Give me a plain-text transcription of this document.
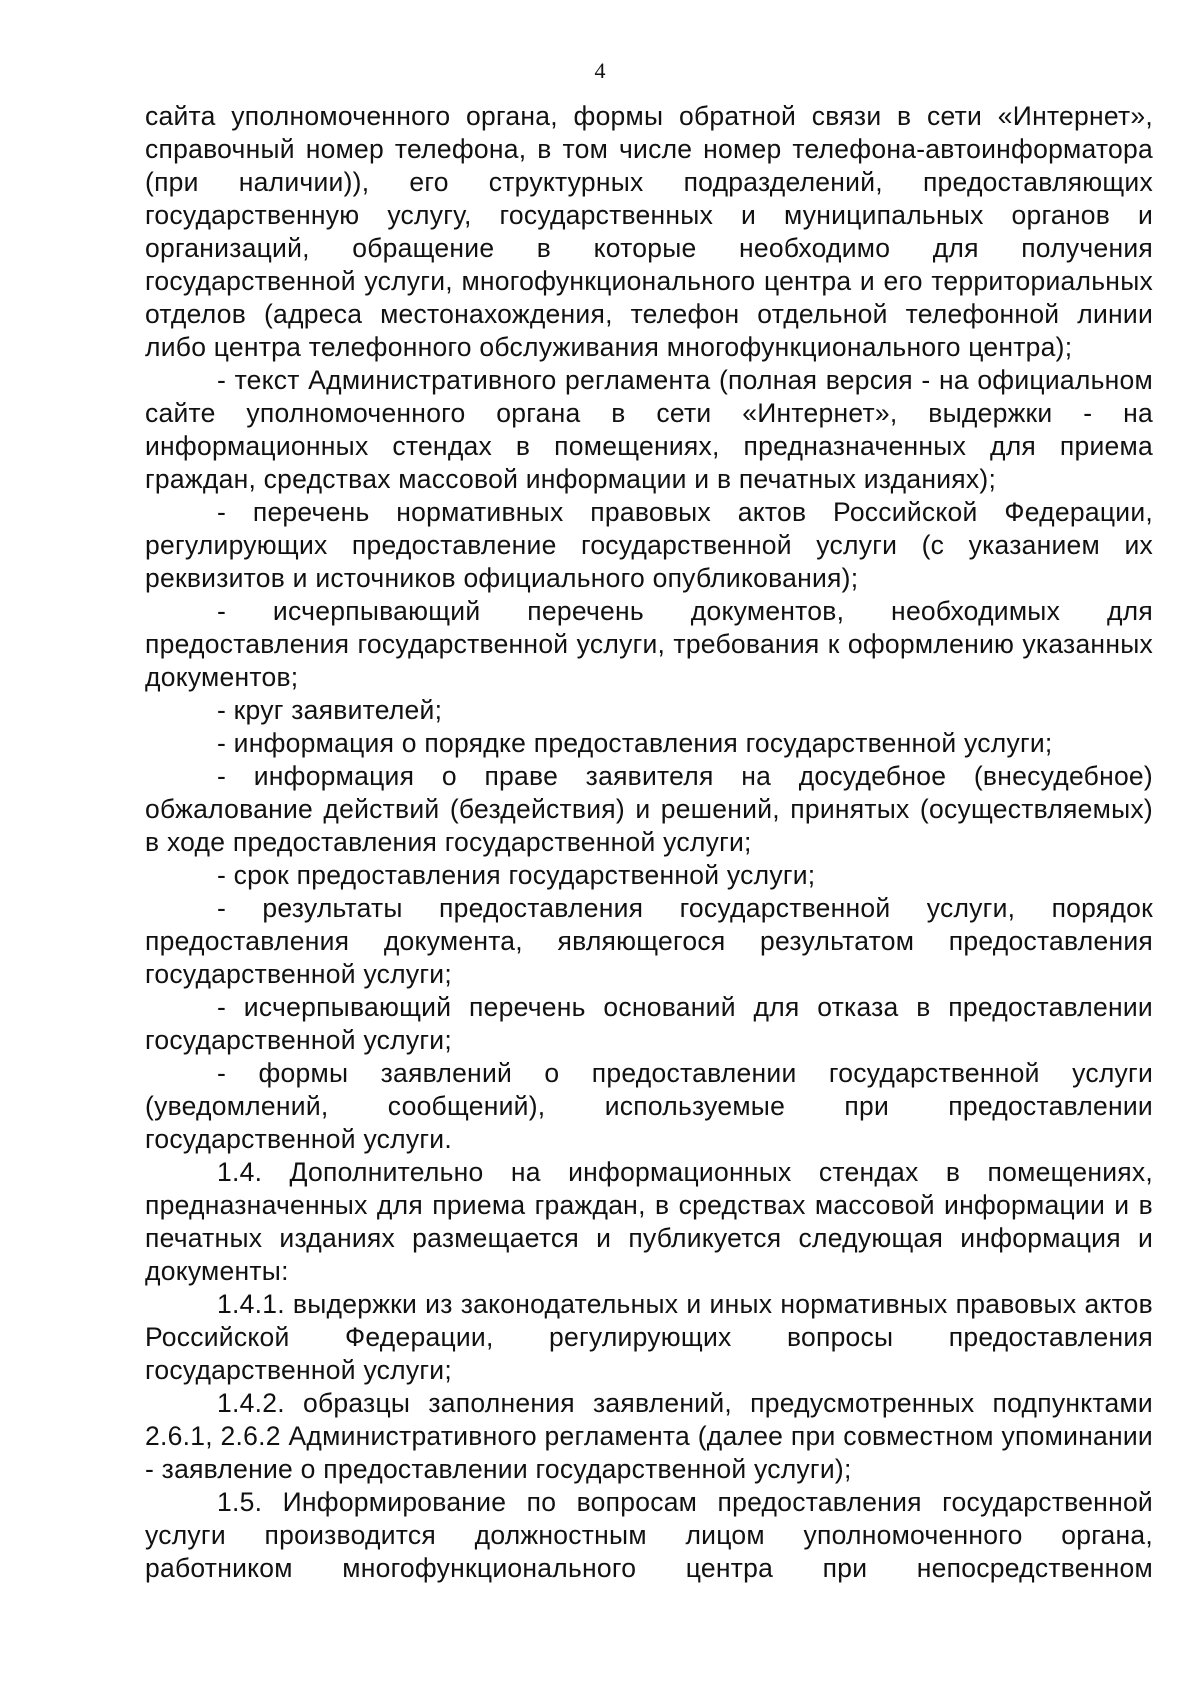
4

сайта уполномоченного органа, формы обратной связи в сети «Интернет», справочный номер телефона, в том числе номер телефона-автоинформатора (при наличии)), его структурных подразделений, предоставляющих государственную услугу, государственных и муниципальных органов и организаций, обращение в которые необходимо для получения государственной услуги, многофункционального центра и его территориальных отделов (адреса местонахождения, телефон отдельной телефонной линии либо центра телефонного обслуживания многофункционального центра);

- текст Административного регламента (полная версия - на официальном сайте уполномоченного органа в сети «Интернет», выдержки - на информационных стендах в помещениях, предназначенных для приема граждан, средствах массовой информации и в печатных изданиях);

- перечень нормативных правовых актов Российской Федерации, регулирующих предоставление государственной услуги (с указанием их реквизитов и источников официального опубликования);

- исчерпывающий перечень документов, необходимых для предоставления государственной услуги, требования к оформлению указанных документов;

- круг заявителей;

- информация о порядке предоставления государственной услуги;

- информация о праве заявителя на досудебное (внесудебное) обжалование действий (бездействия) и решений, принятых (осуществляемых) в ходе предоставления государственной услуги;

- срок предоставления государственной услуги;

- результаты предоставления государственной услуги, порядок предоставления документа, являющегося результатом предоставления государственной услуги;

- исчерпывающий перечень оснований для отказа в предоставлении государственной услуги;

- формы заявлений о предоставлении государственной услуги (уведомлений, сообщений), используемые при предоставлении государственной услуги.

1.4. Дополнительно на информационных стендах в помещениях, предназначенных для приема граждан, в средствах массовой информации и в печатных изданиях размещается и публикуется следующая информация и документы:

1.4.1. выдержки из законодательных и иных нормативных правовых актов Российской Федерации, регулирующих вопросы предоставления государственной услуги;

1.4.2. образцы заполнения заявлений, предусмотренных подпунктами 2.6.1, 2.6.2 Административного регламента (далее при совместном упоминании - заявление о предоставлении государственной услуги);

1.5. Информирование по вопросам предоставления государственной услуги производится должностным лицом уполномоченного органа, работником многофункционального центра при непосредственном
